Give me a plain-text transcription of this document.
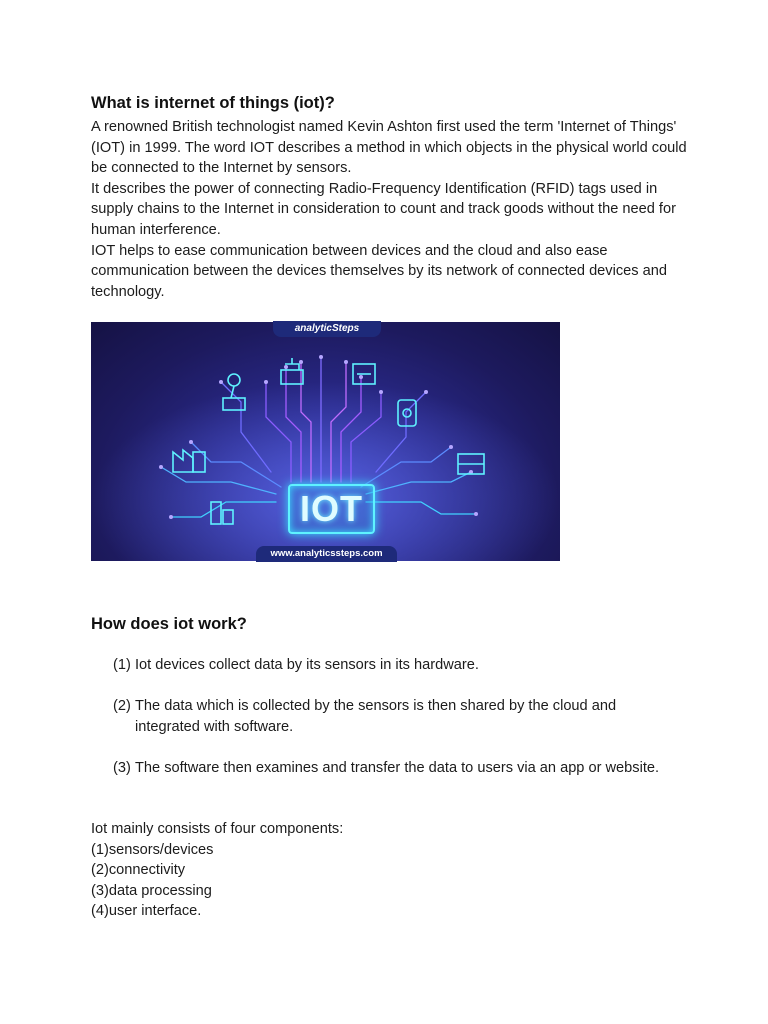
What is internet of things (iot)?

A renowned British technologist named Kevin Ashton first used the term 'Internet of Things' (IOT) in 1999. The word IOT describes a method in which objects in the physical world could be connected to the Internet by sensors.

It describes the power of connecting Radio-Frequency Identification (RFID) tags used in supply chains to the Internet in consideration to count and track goods without the need for human interference.

IOT helps to ease communication between devices and the cloud and also ease communication between the devices themselves by its network of connected devices and technology.

analyticSteps
IOT
www.analyticssteps.com
How does iot work?
(1) Iot devices collect data by its sensors in its hardware.
(2) The data which is collected by the sensors is then shared by the cloud and
integrated with software.
(3) The software then examines and transfer the data to users via an app or website.

Iot mainly consists of four components:

(1)sensors/devices

(2)connectivity

(3)data processing

(4)user interface.
